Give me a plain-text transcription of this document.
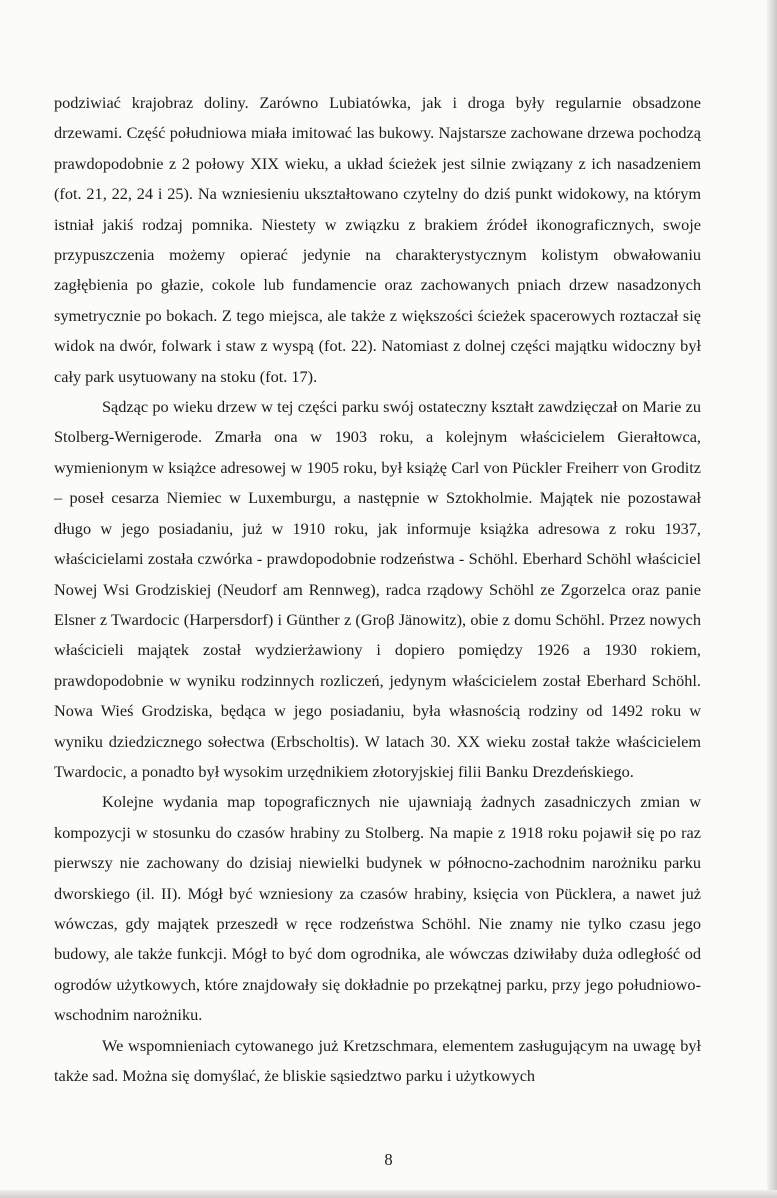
podziwiać krajobraz doliny. Zarówno Lubiatówka, jak i droga były regularnie obsadzone drzewami. Część południowa miała imitować las bukowy. Najstarsze zachowane drzewa pochodzą prawdopodobnie z 2 połowy XIX wieku, a układ ścieżek jest silnie związany z ich nasadzeniem (fot. 21, 22, 24 i 25). Na wzniesieniu ukształtowano czytelny do dziś punkt widokowy, na którym istniał jakiś rodzaj pomnika. Niestety w związku z brakiem źródeł ikonograficznych, swoje przypuszczenia możemy opierać jedynie na charakterystycznym kolistym obwałowaniu zagłębienia po głazie, cokole lub fundamencie oraz zachowanych pniach drzew nasadzonych symetrycznie po bokach. Z tego miejsca, ale także z większości ścieżek spacerowych roztaczał się widok na dwór, folwark i staw z wyspą (fot. 22). Natomiast z dolnej części majątku widoczny był cały park usytuowany na stoku (fot. 17).

Sądząc po wieku drzew w tej części parku swój ostateczny kształt zawdzięczał on Marie zu Stolberg-Wernigerode. Zmarła ona w 1903 roku, a kolejnym właścicielem Gierałtowca, wymienionym w książce adresowej w 1905 roku, był książę Carl von Pückler Freiherr von Groditz – poseł cesarza Niemiec w Luxemburgu, a następnie w Sztokholmie. Majątek nie pozostawał długo w jego posiadaniu, już w 1910 roku, jak informuje książka adresowa z roku 1937, właścicielami została czwórka - prawdopodobnie rodzeństwa - Schöhl. Eberhard Schöhl właściciel Nowej Wsi Grodziskiej (Neudorf am Rennweg), radca rządowy Schöhl ze Zgorzelca oraz panie Elsner z Twardocic (Harpersdorf) i Günther z (Groβ Jänowitz), obie z domu Schöhl. Przez nowych właścicieli majątek został wydzierżawiony i dopiero pomiędzy 1926 a 1930 rokiem, prawdopodobnie w wyniku rodzinnych rozliczeń, jedynym właścicielem został Eberhard Schöhl. Nowa Wieś Grodziska, będąca w jego posiadaniu, była własnością rodziny od 1492 roku w wyniku dziedzicznego sołectwa (Erbscholtis). W latach 30. XX wieku został także właścicielem Twardocic, a ponadto był wysokim urzędnikiem złotoryjskiej filii Banku Drezdeńskiego.

Kolejne wydania map topograficznych nie ujawniają żadnych zasadniczych zmian w kompozycji w stosunku do czasów hrabiny zu Stolberg. Na mapie z 1918 roku pojawił się po raz pierwszy nie zachowany do dzisiaj niewielki budynek w północno-zachodnim narożniku parku dworskiego (il. II). Mógł być wzniesiony za czasów hrabiny, księcia von Pücklera, a nawet już wówczas, gdy majątek przeszedł w ręce rodzeństwa Schöhl. Nie znamy nie tylko czasu jego budowy, ale także funkcji. Mógł to być dom ogrodnika, ale wówczas dziwiłaby duża odległość od ogrodów użytkowych, które znajdowały się dokładnie po przekątnej parku, przy jego południowo-wschodnim narożniku.

We wspomnieniach cytowanego już Kretzschmara, elementem zasługującym na uwagę był także sad. Można się domyślać, że bliskie sąsiedztwo parku i użytkowych

8
